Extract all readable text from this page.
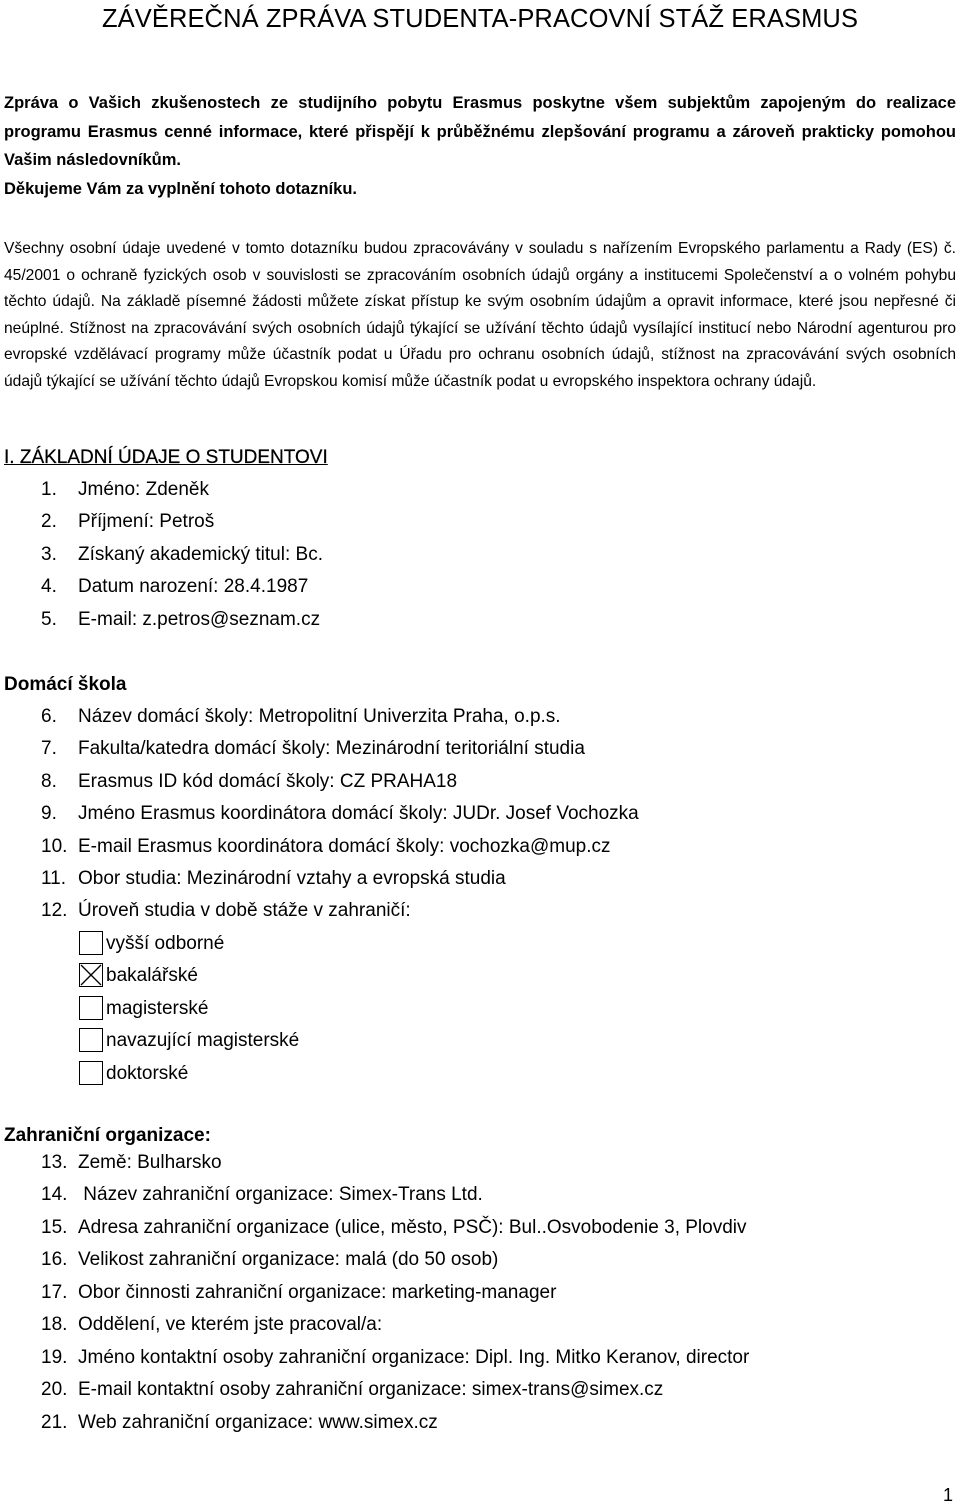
ZÁVĚREČNÁ ZPRÁVA STUDENTA-PRACOVNÍ STÁŽ ERASMUS

Zpráva o Vašich zkušenostech ze studijního pobytu Erasmus poskytne všem subjektům zapojeným do realizace programu Erasmus cenné informace, které přispějí k průběžnému zlepšování programu a zároveň prakticky pomohou Vašim následovníkům.

Děkujeme Vám za vyplnění tohoto dotazníku.

Všechny osobní údaje uvedené v tomto dotazníku budou zpracovávány v souladu s nařízením Evropského parlamentu a Rady (ES) č. 45/2001 o ochraně fyzických osob v souvislosti se zpracováním osobních údajů orgány a institucemi Společenství a o volném pohybu těchto údajů. Na základě písemné žádosti můžete získat přístup ke svým osobním údajům a opravit informace, které jsou nepřesné či neúplné. Stížnost na zpracovávání svých osobních údajů týkající se užívání těchto údajů vysílající institucí nebo Národní agenturou pro evropské vzdělávací programy může účastník podat u Úřadu pro ochranu osobních údajů, stížnost na zpracovávání svých osobních údajů týkající se užívání těchto údajů Evropskou komisí může účastník podat u evropského inspektora ochrany údajů.
I. ZÁKLADNÍ ÚDAJE O STUDENTOVI
1. Jméno: Zdeněk
2. Příjmení: Petroš
3. Získaný akademický titul: Bc.
4. Datum narození: 28.4.1987
5. E-mail: z.petros@seznam.cz
Domácí škola
6. Název domácí školy: Metropolitní Univerzita Praha, o.p.s.
7. Fakulta/katedra domácí školy: Mezinárodní teritoriální studia
8. Erasmus ID kód domácí školy: CZ PRAHA18
9. Jméno Erasmus koordinátora domácí školy: JUDr. Josef Vochozka
10. E-mail Erasmus koordinátora domácí školy: vochozka@mup.cz
11. Obor studia: Mezinárodní vztahy a evropská studia
12. Úroveň studia v době stáže v zahraničí:
vyšší odborné
bakalářské
magisterské
navazující magisterské
doktorské
Zahraniční organizace:
13. Země: Bulharsko
14. Název zahraniční organizace: Simex-Trans Ltd.
15. Adresa zahraniční organizace (ulice, město, PSČ): Bul..Osvobodenie 3, Plovdiv
16. Velikost zahraniční organizace: malá (do 50 osob)
17. Obor činnosti zahraniční organizace: marketing-manager
18. Oddělení, ve kterém jste pracoval/a:
19. Jméno kontaktní osoby zahraniční organizace: Dipl. Ing. Mitko Keranov, director
20. E-mail kontaktní osoby zahraniční organizace: simex-trans@simex.cz
21. Web zahraniční organizace: www.simex.cz
1
